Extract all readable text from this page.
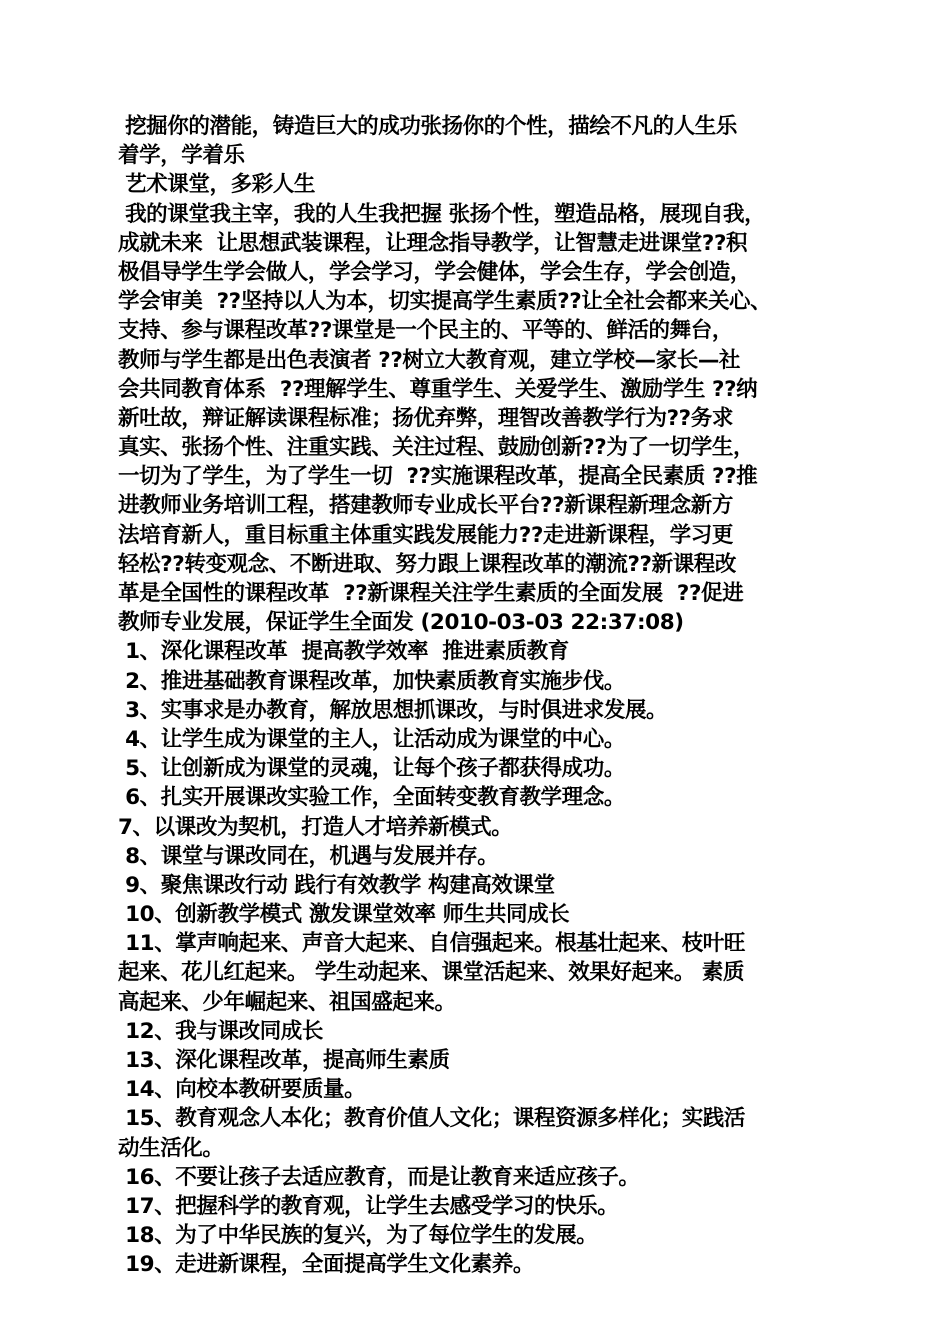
挖掘你的潜能，铸造巨大的成功张扬你的个性，描绘不凡的人生乐
着学，学着乐
艺术课堂，多彩人生
我的课堂我主宰，我的人生我把握 张扬个性，塑造品格，展现自我，
成就未来  让思想武装课程，让理念指导教学，让智慧走进课堂??积
极倡导学生学会做人，学会学习，学会健体，学会生存，学会创造，
学会审美  ??坚持以人为本，切实提高学生素质??让全社会都来关心、
支持、参与课程改革??课堂是一个民主的、平等的、鲜活的舞台，
教师与学生都是出色表演者 ??树立大教育观，建立学校—家长—社
会共同教育体系  ??理解学生、尊重学生、关爱学生、激励学生 ??纳
新吐故，辩证解读课程标准；扬优弃弊，理智改善教学行为??务求
真实、张扬个性、注重实践、关注过程、鼓励创新??为了一切学生，
一切为了学生，为了学生一切  ??实施课程改革，提高全民素质 ??推
进教师业务培训工程，搭建教师专业成长平台??新课程新理念新方
法培育新人，重目标重主体重实践发展能力??走进新课程，学习更
轻松??转变观念、不断进取、努力跟上课程改革的潮流??新课程改
革是全国性的课程改革  ??新课程关注学生素质的全面发展  ??促进
教师专业发展，保证学生全面发 (2010-03-03 22:37:08)
1、深化课程改革  提高教学效率  推进素质教育
2、推进基础教育课程改革，加快素质教育实施步伐。
3、实事求是办教育，解放思想抓课改，与时俱进求发展。
4、让学生成为课堂的主人，让活动成为课堂的中心。
5、让创新成为课堂的灵魂，让每个孩子都获得成功。
6、扎实开展课改实验工作，全面转变教育教学理念。
7、以课改为契机，打造人才培养新模式。
8、课堂与课改同在，机遇与发展并存。
9、聚焦课改行动 践行有效教学 构建高效课堂
10、创新教学模式 激发课堂效率 师生共同成长
11、掌声响起来、声音大起来、自信强起来。根基壮起来、枝叶旺
起来、花儿红起来。 学生动起来、课堂活起来、效果好起来。 素质
高起来、少年崛起来、祖国盛起来。
12、我与课改同成长
13、深化课程改革，提高师生素质
14、向校本教研要质量。
15、教育观念人本化；教育价值人文化；课程资源多样化；实践活
动生活化。
16、不要让孩子去适应教育，而是让教育来适应孩子。
17、把握科学的教育观，让学生去感受学习的快乐。
18、为了中华民族的复兴，为了每位学生的发展。
19、走进新课程，全面提高学生文化素养。
